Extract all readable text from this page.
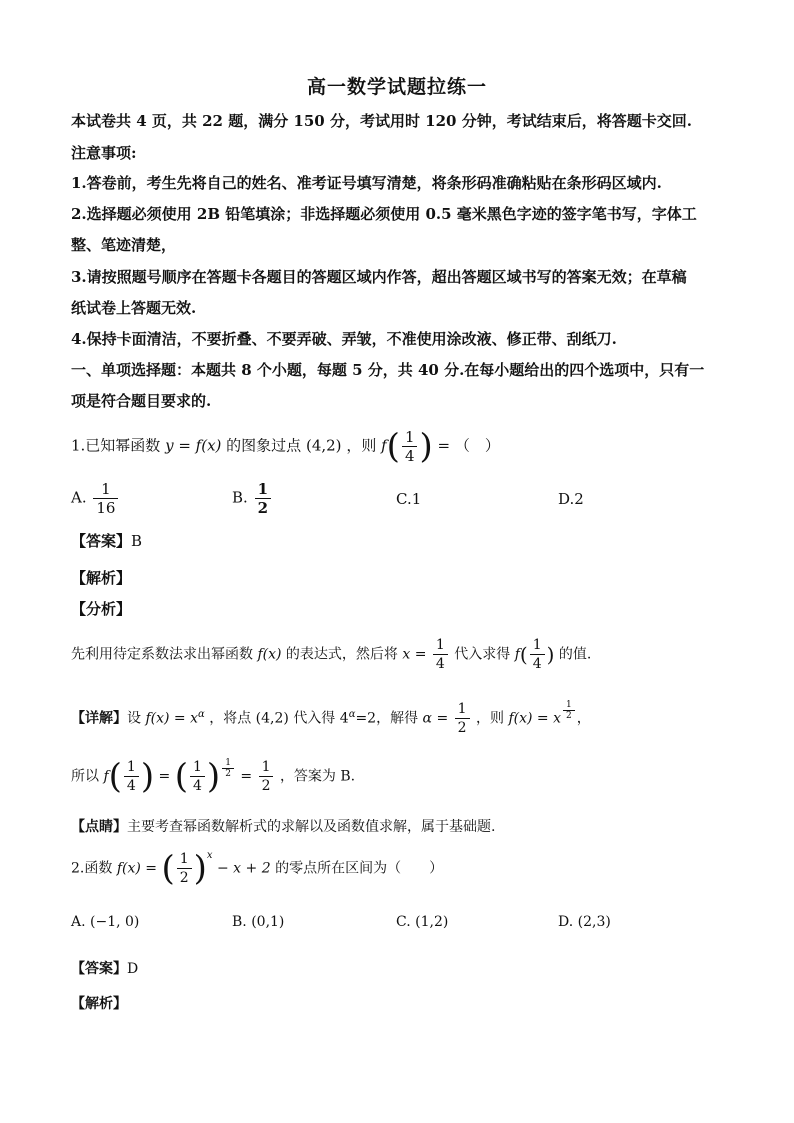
高一数学试题拉练一
本试卷共 4 页，共 22 题，满分 150 分，考试用时 120 分钟，考试结束后，将答题卡交回.
注意事项:
1.答卷前，考生先将自己的姓名、准考证号填写清楚，将条形码准确粘贴在条形码区域内.
2.选择题必须使用 2B 铅笔填涂；非选择题必须使用 0.5 毫米黑色字迹的签字笔书写，字体工
整、笔迹清楚，
3.请按照题号顺序在答题卡各题目的答题区域内作答，超出答题区域书写的答案无效；在草稿
纸试卷上答题无效.
4.保持卡面清洁，不要折叠、不要弄破、弄皱，不准使用涂改液、修正带、刮纸刀.
一、单项选择题：本题共 8 个小题，每题 5 分，共 40 分.在每小题给出的四个选项中，只有一
项是符合题目要求的.
1.已知幂函数 y = f(x) 的图象过点 (4,2) ，则 $f( \frac{1}{4}$ ) = （　）
A. $\frac{1}{16}$	B. $\frac{1}{2}$	C.1	D.2
【答案】B
【解析】
【分析】
先利用待定系数法求出幂函数 f(x) 的表达式，然后将 $x = \frac{1}{4}$ 代入求得 $f( \frac{1}{4}$ ) 的值.
【详解】设 $f(x) = x^\alpha$ ，将点 (4,2) 代入得 $4^\alpha=2$，解得 $\alpha = \frac{1}{2}$ ，则 f(x) = x $^{\frac{1}{2}}$ ，
所以 $f( \frac{1}{4}$ ) = ( $\frac{1}{4}$ ) $^{\frac{1}{2}} = \frac{1}{2}$ ，答案为 B.
【点睛】主要考查幂函数解析式的求解以及函数值求解，属于基础题.
2.函数 f(x) = ( $\frac{1}{2} )^x - x + 2$ 的零点所在区间为（　　）
A. (−1, 0)	B. (0,1)	C. (1,2)	D. (2,3)
【答案】D
【解析】
